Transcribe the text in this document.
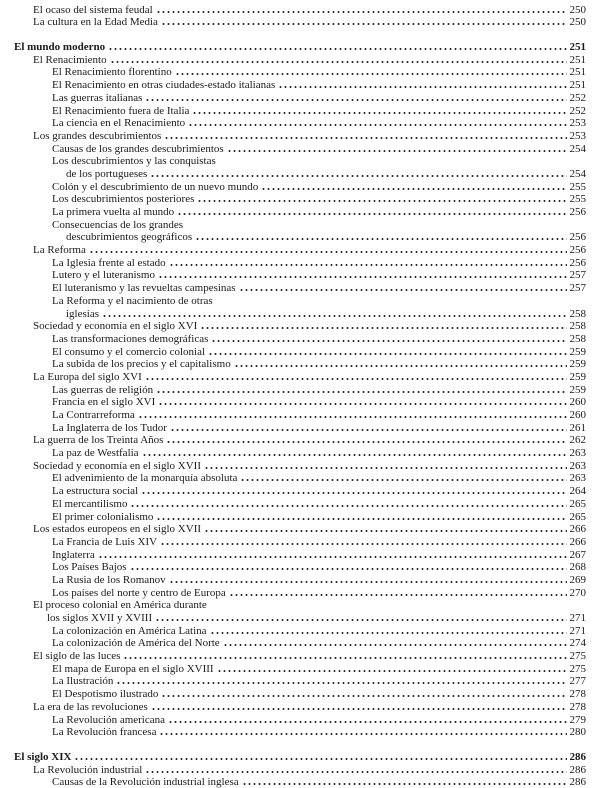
El ocaso del sistema feudal	250
La cultura en la Edad Media	250
El mundo moderno	251
El Renacimiento	251
El Renacimiento florentino	251
El Renacimiento en otras ciudades-estado italianas	251
Las guerras italianas	252
El Renacimiento fuera de Italia	252
La ciencia en el Renacimiento	253
Los grandes descubrimientos	253
Causas de los grandes descubrimientos	254
Los descubrimientos y las conquistas
de los portugueses	254
Colón y el descubrimiento de un nuevo mundo	255
Los descubrimientos posteriores	255
La primera vuelta al mundo	256
Consecuencias de los grandes
descubrimientos geográficos	256
La Reforma	256
La Iglesia frente al estado	256
Lutero y el luteranismo	257
El luteranismo y las revueltas campesinas	257
La Reforma y el nacimiento de otras
iglesias	258
Sociedad y economía en el siglo XVI	258
Las transformaciones demográficas	258
El consumo y el comercio colonial	259
La subida de los precios y el capitalismo	259
La Europa del siglo XVI	259
Las guerras de religión	259
Francia en el siglo XVI	260
La Contrarreforma	260
La Inglaterra de los Tudor	261
La guerra de los Treinta Años	262
La paz de Westfalia	263
Sociedad y economía en el siglo XVII	263
El advenimiento de la monarquía absoluta	263
La estructura social	264
El mercantilismo	265
El primer colonialismo	265
Los estados europeos en el siglo XVII	266
La Francia de Luis XIV	266
Inglaterra	267
Los Países Bajos	268
La Rusia de los Romanov	269
Los países del norte y centro de Europa	270
El proceso colonial en América durante
los siglos XVII y XVIII	271
La colonización en América Latina	271
La colonización de América del Norte	274
El siglo de las luces	275
El mapa de Europa en el siglo XVIII	275
La Ilustración	277
El Despotismo ilustrado	278
La era de las revoluciones	278
La Revolución americana	279
La Revolución francesa	280
El siglo XIX	286
La Revolución industrial	286
Causas de la Revolución industrial inglesa	286
